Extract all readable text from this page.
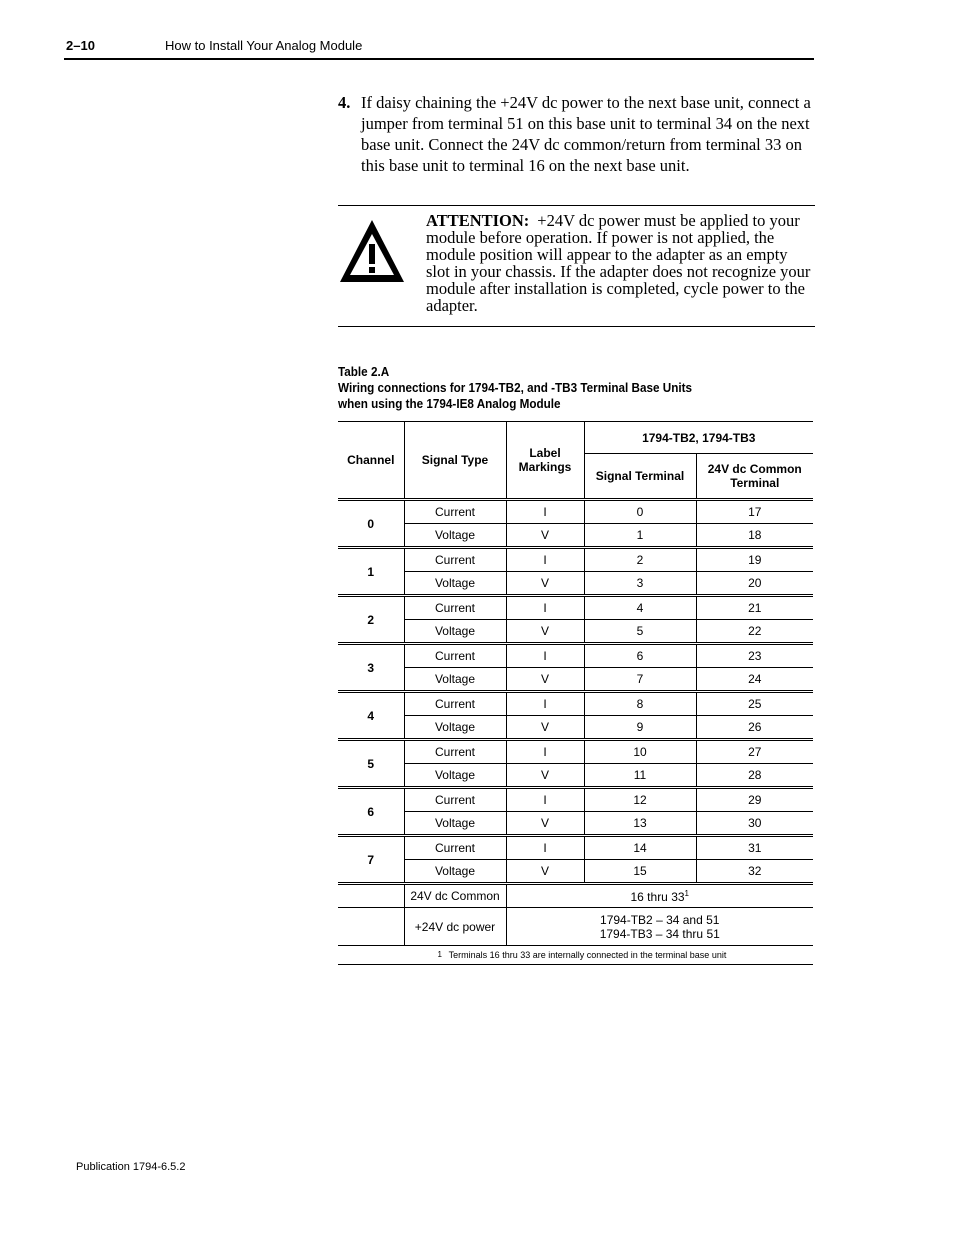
2–10	How to Install Your Analog Module
4. If daisy chaining the +24V dc power to the next base unit, connect a jumper from terminal 51 on this base unit to terminal 34 on the next base unit. Connect the 24V dc common/return from terminal 33 on this base unit to terminal 16 on the next base unit.
ATTENTION: +24V dc power must be applied to your module before operation. If power is not applied, the module position will appear to the adapter as an empty slot in your chassis. If the adapter does not recognize your module after installation is completed, cycle power to the adapter.
Table 2.A
Wiring connections for 1794-TB2, and -TB3 Terminal Base Units
when using the 1794-IE8 Analog Module
Channel	Signal Type	Label Markings	1794-TB2, 1794-TB3	
			Signal Terminal	24V dc Common Terminal
0	Current	I	0	17
	Voltage	V	1	18
1	Current	I	2	19
	Voltage	V	3	20
2	Current	I	4	21
	Voltage	V	5	22
3	Current	I	6	23
	Voltage	V	7	24
4	Current	I	8	25
	Voltage	V	9	26
5	Current	I	10	27
	Voltage	V	11	28
6	Current	I	12	29
	Voltage	V	13	30
7	Current	I	14	31
	Voltage	V	15	32
	24V dc Common	16 thru $33^1$
	+24V dc power	1794-TB2 – 34 and 51
1794-TB3 – 34 thru 51		

1 Terminals 16 thru 33 are internally connected in the terminal base unit				
Publication 1794-6.5.2
